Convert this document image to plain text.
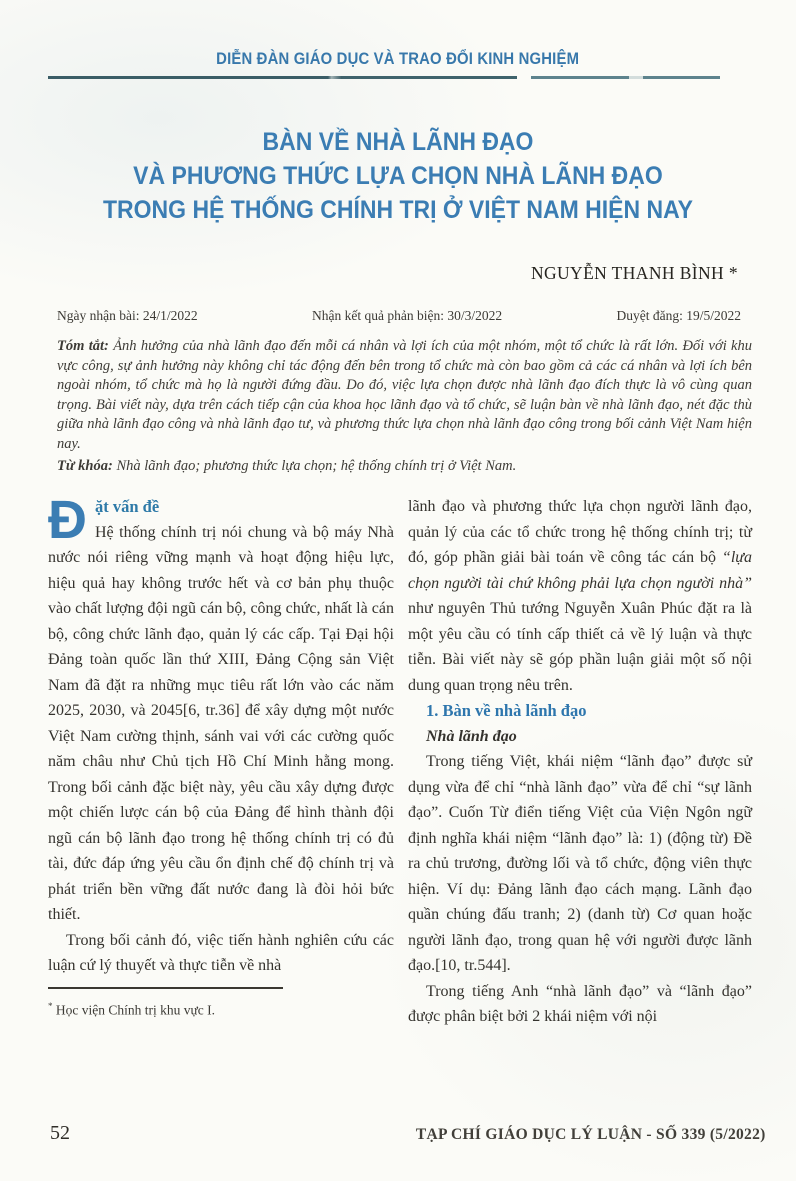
DIỄN ĐÀN GIÁO DỤC VÀ TRAO ĐỔI KINH NGHIỆM
BÀN VỀ NHÀ LÃNH ĐẠO
VÀ PHƯƠNG THỨC LỰA CHỌN NHÀ LÃNH ĐẠO
TRONG HỆ THỐNG CHÍNH TRỊ Ở VIỆT NAM HIỆN NAY
NGUYỄN THANH BÌNH *
Ngày nhận bài: 24/1/2022	Nhận kết quả phản biện: 30/3/2022	Duyệt đăng: 19/5/2022
Tóm tắt: Ảnh hưởng của nhà lãnh đạo đến mỗi cá nhân và lợi ích của một nhóm, một tổ chức là rất lớn. Đối với khu vực công, sự ảnh hưởng này không chỉ tác động đến bên trong tổ chức mà còn bao gồm cả các cá nhân và lợi ích bên ngoài nhóm, tổ chức mà họ là người đứng đầu. Do đó, việc lựa chọn được nhà lãnh đạo đích thực là vô cùng quan trọng. Bài viết này, dựa trên cách tiếp cận của khoa học lãnh đạo và tổ chức, sẽ luận bàn về nhà lãnh đạo, nét đặc thù giữa nhà lãnh đạo công và nhà lãnh đạo tư, và phương thức lựa chọn nhà lãnh đạo công trong bối cảnh Việt Nam hiện nay.
Từ khóa: Nhà lãnh đạo; phương thức lựa chọn; hệ thống chính trị ở Việt Nam.
Đ ặt vấn đề

Hệ thống chính trị nói chung và bộ máy Nhà nước nói riêng vững mạnh và hoạt động hiệu lực, hiệu quả hay không trước hết và cơ bản phụ thuộc vào chất lượng đội ngũ cán bộ, công chức, nhất là cán bộ, công chức lãnh đạo, quản lý các cấp. Tại Đại hội Đảng toàn quốc lần thứ XIII, Đảng Cộng sản Việt Nam đã đặt ra những mục tiêu rất lớn vào các năm 2025, 2030, và 2045[6, tr.36] để xây dựng một nước Việt Nam cường thịnh, sánh vai với các cường quốc năm châu như Chủ tịch Hồ Chí Minh hằng mong. Trong bối cảnh đặc biệt này, yêu cầu xây dựng được một chiến lược cán bộ của Đảng để hình thành đội ngũ cán bộ lãnh đạo trong hệ thống chính trị có đủ tài, đức đáp ứng yêu cầu ổn định chế độ chính trị và phát triển bền vững đất nước đang là đòi hỏi bức thiết.

Trong bối cảnh đó, việc tiến hành nghiên cứu các luận cứ lý thuyết và thực tiễn về nhà

* Học viện Chính trị khu vực I.

lãnh đạo và phương thức lựa chọn người lãnh đạo, quản lý của các tổ chức trong hệ thống chính trị; từ đó, góp phần giải bài toán về công tác cán bộ “lựa chọn người tài chứ không phải lựa chọn người nhà” như nguyên Thủ tướng Nguyễn Xuân Phúc đặt ra là một yêu cầu có tính cấp thiết cả về lý luận và thực tiễn. Bài viết này sẽ góp phần luận giải một số nội dung quan trọng nêu trên.

1. Bàn về nhà lãnh đạo
Nhà lãnh đạo

Trong tiếng Việt, khái niệm “lãnh đạo” được sử dụng vừa để chỉ “nhà lãnh đạo” vừa để chỉ “sự lãnh đạo”. Cuốn Từ điển tiếng Việt của Viện Ngôn ngữ định nghĩa khái niệm “lãnh đạo” là: 1) (động từ) Đề ra chủ trương, đường lối và tổ chức, động viên thực hiện. Ví dụ: Đảng lãnh đạo cách mạng. Lãnh đạo quần chúng đấu tranh; 2) (danh từ) Cơ quan hoặc người lãnh đạo, trong quan hệ với người được lãnh đạo.[10, tr.544].

Trong tiếng Anh “nhà lãnh đạo” và “lãnh đạo” được phân biệt bởi 2 khái niệm với nội

52	TẠP CHÍ GIÁO DỤC LÝ LUẬN - SỐ 339 (5/2022)
